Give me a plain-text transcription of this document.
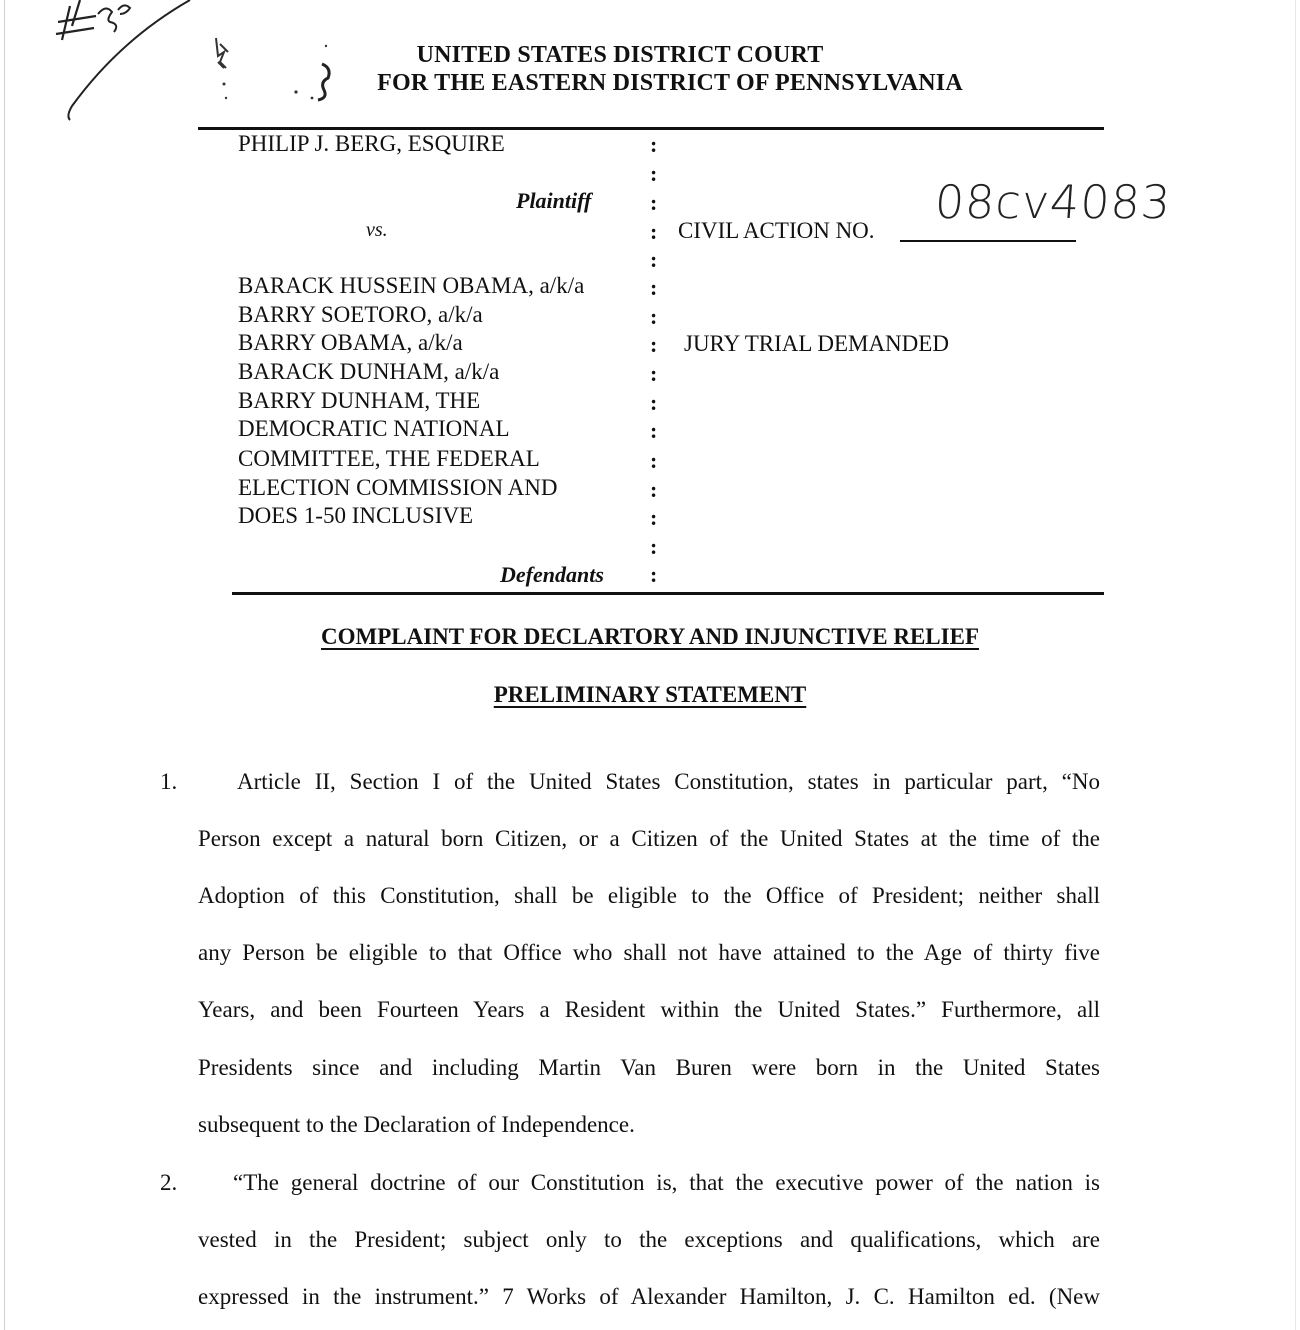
UNITED STATES DISTRICT COURT
FOR THE EASTERN DISTRICT OF PENNSYLVANIA
PHILIP J. BERG, ESQUIRE
Plaintiff
vs.
BARACK HUSSEIN OBAMA, a/k/a
BARRY SOETORO, a/k/a
BARRY OBAMA, a/k/a
BARACK DUNHAM, a/k/a
BARRY DUNHAM, THE
DEMOCRATIC NATIONAL
COMMITTEE, THE FEDERAL
ELECTION COMMISSION AND
DOES 1-50 INCLUSIVE
Defendants
:
:
:
:
:
:
:
:
:
:
:
:
:
:
:
:
CIVIL ACTION NO.
08cv4083
JURY TRIAL DEMANDED
COMPLAINT FOR DECLARTORY AND INJUNCTIVE RELIEF
PRELIMINARY STATEMENT
1.	Article II, Section I of the United States Constitution, states in particular part, “No
Person except a natural born Citizen, or a Citizen of the United States at the time of the
Adoption of this Constitution, shall be eligible to the Office of President; neither shall
any Person be eligible to that Office who shall not have attained to the Age of thirty five
Years, and been Fourteen Years a Resident within the United States.” Furthermore, all
Presidents since and including Martin Van Buren were born in the United States
subsequent to the Declaration of Independence.
2. “The general doctrine of our Constitution is, that the executive power of the nation is
vested in the President; subject only to the exceptions and qualifications, which are
expressed in the instrument.” 7 Works of Alexander Hamilton, J. C. Hamilton ed. (New
